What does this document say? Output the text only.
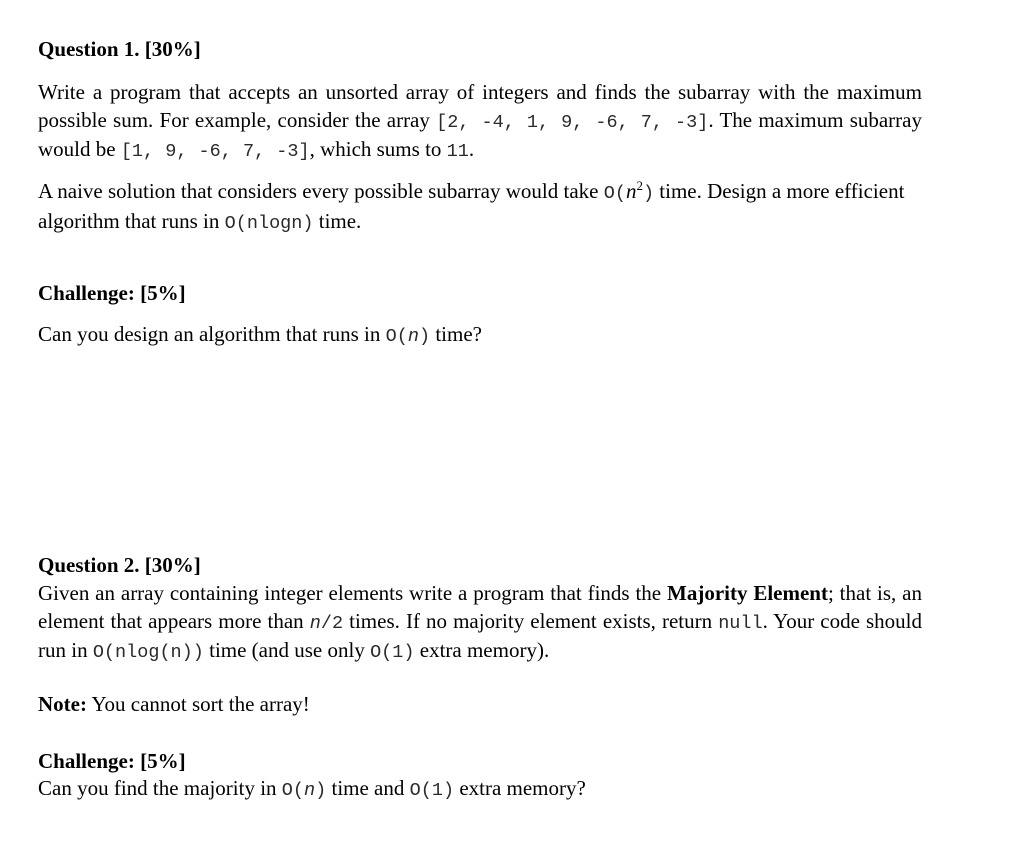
Question 1. [30%]
Write a program that accepts an unsorted array of integers and finds the subarray with the maximum possible sum. For example, consider the array [2, -4, 1, 9, -6, 7, -3]. The maximum subarray would be [1, 9, -6, 7, -3], which sums to 11.
A naive solution that considers every possible subarray would take $O(n^2)$ time. Design a more efficient algorithm that runs in O(nlogn) time.
Challenge: [5%]
Can you design an algorithm that runs in O(n) time?
Question 2. [30%]
Given an array containing integer elements write a program that finds the Majority Element; that is, an element that appears more than n/2 times. If no majority element exists, return null. Your code should run in O(nlog(n)) time (and use only O(1) extra memory).
Note: You cannot sort the array!
Challenge: [5%]
Can you find the majority in O(n) time and O(1) extra memory?
